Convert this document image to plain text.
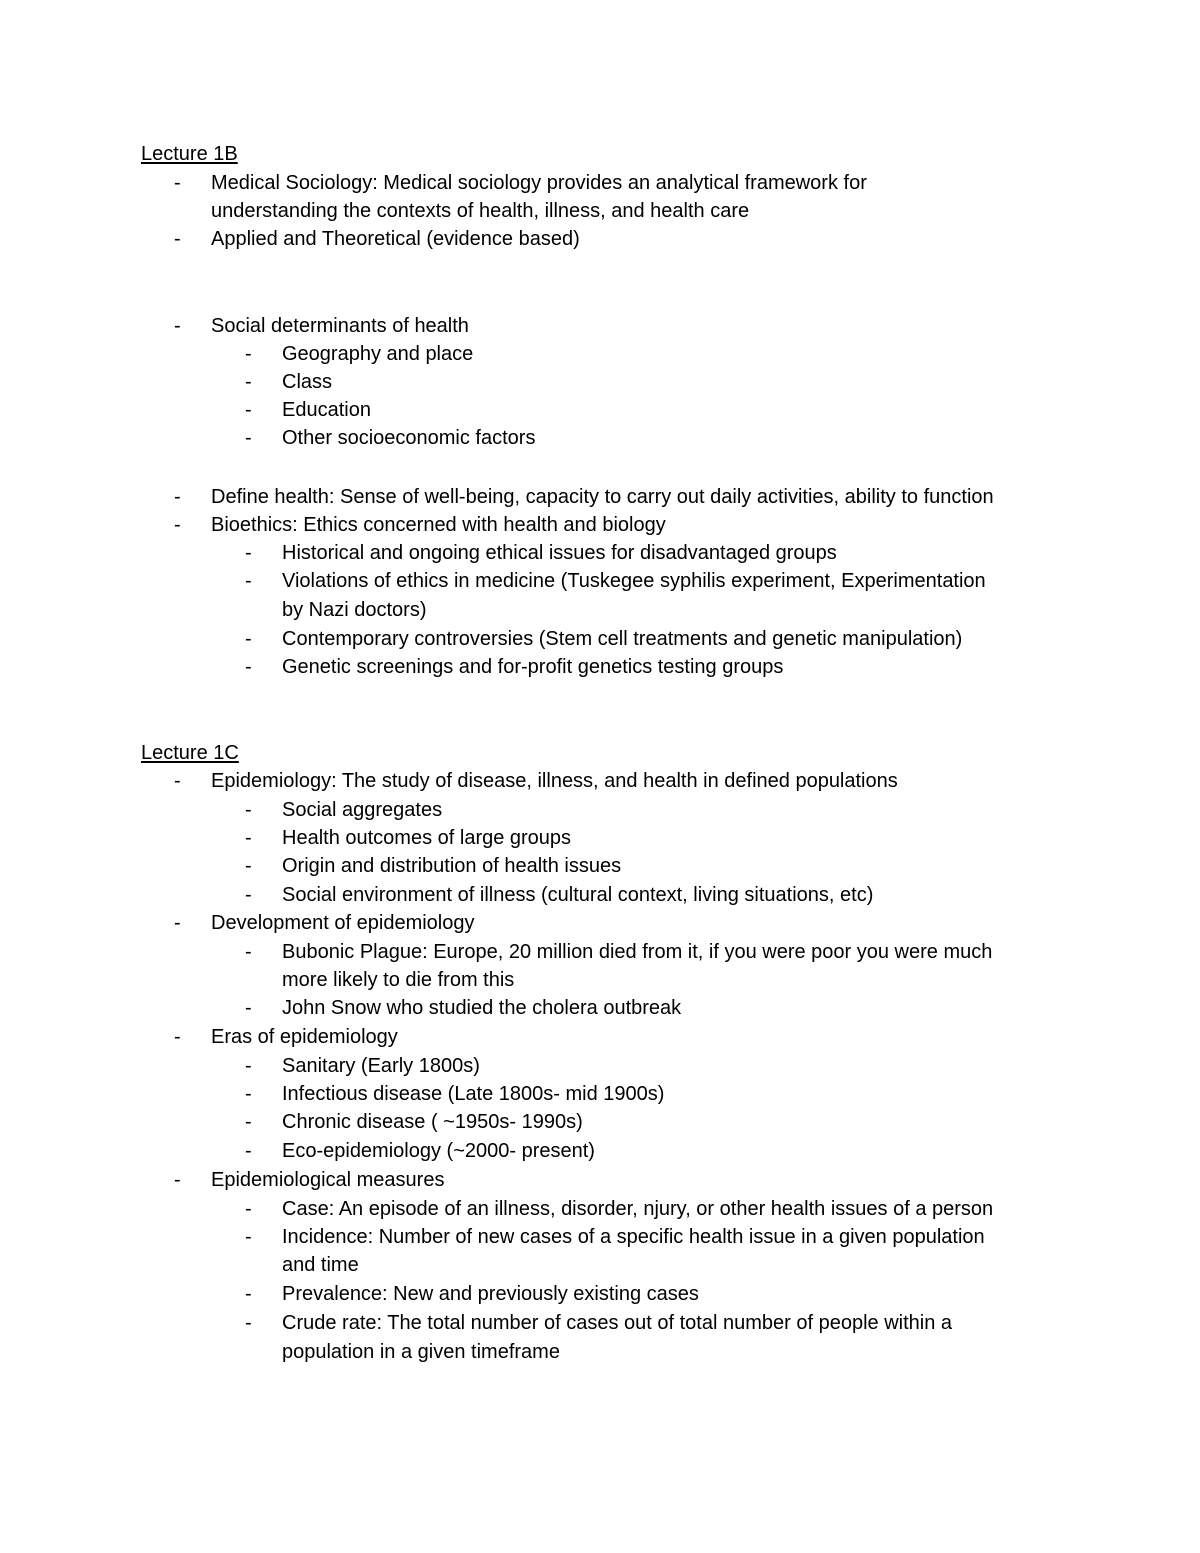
Lecture 1B
- Medical Sociology: Medical sociology provides an analytical framework for
understanding the contexts of health, illness, and health care
- Applied and Theoretical (evidence based)
- Social determinants of health
- Geography and place
- Class
- Education
- Other socioeconomic factors
- Define health: Sense of well-being, capacity to carry out daily activities, ability to function
- Bioethics: Ethics concerned with health and biology
- Historical and ongoing ethical issues for disadvantaged groups
- Violations of ethics in medicine (Tuskegee syphilis experiment, Experimentation
by Nazi doctors)
- Contemporary controversies (Stem cell treatments and genetic manipulation)
- Genetic screenings and for-profit genetics testing groups
Lecture 1C
- Epidemiology: The study of disease, illness, and health in defined populations
- Social aggregates
- Health outcomes of large groups
- Origin and distribution of health issues
- Social environment of illness (cultural context, living situations, etc)
- Development of epidemiology
- Bubonic Plague: Europe, 20 million died from it, if you were poor you were much
more likely to die from this
- John Snow who studied the cholera outbreak
- Eras of epidemiology
- Sanitary (Early 1800s)
- Infectious disease (Late 1800s- mid 1900s)
- Chronic disease ( ~1950s- 1990s)
- Eco-epidemiology (~2000- present)
- Epidemiological measures
- Case: An episode of an illness, disorder, njury, or other health issues of a person
- Incidence: Number of new cases of a specific health issue in a given population
and time
- Prevalence: New and previously existing cases
- Crude rate: The total number of cases out of total number of people within a
population in a given timeframe
